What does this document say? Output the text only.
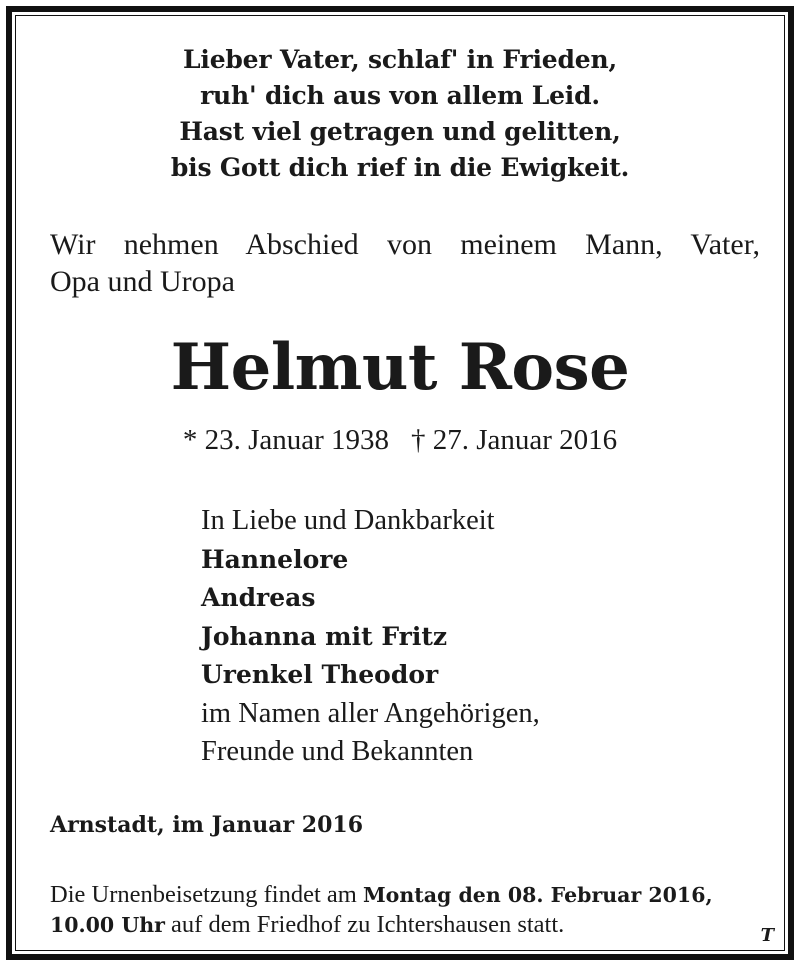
Lieber Vater, schlaf' in Frieden,
ruh' dich aus von allem Leid.
Hast viel getragen und gelitten,
bis Gott dich rief in die Ewigkeit.
Wir nehmen Abschied von meinem Mann, Vater,
Opa und Uropa
Helmut Rose
* 23. Januar 1938 † 27. Januar 2016
In Liebe und Dankbarkeit
Hannelore
Andreas
Johanna mit Fritz
Urenkel Theodor
im Namen aller Angehörigen,
Freunde und Bekannten
Arnstadt, im Januar 2016
Die Urnenbeisetzung findet am Montag den 08. Februar 2016,
10.00 Uhr auf dem Friedhof zu Ichtershausen statt.	T
